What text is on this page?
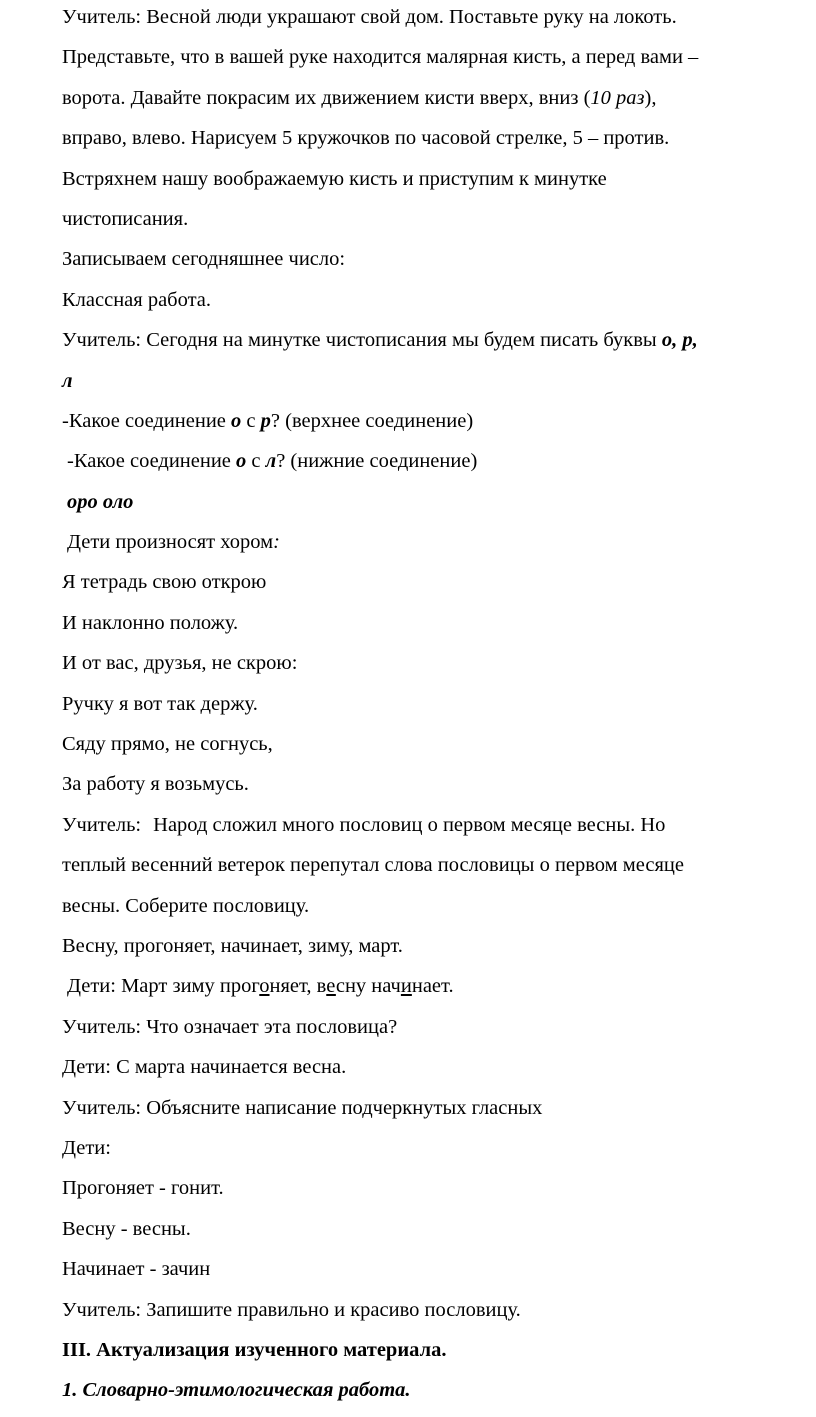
Учитель: Весной люди украшают свой дом. Поставьте руку на локоть.
Представьте, что в вашей руке находится малярная кисть, а перед вами –
ворота. Давайте покрасим их движением кисти вверх, вниз (10 раз),
вправо, влево. Нарисуем 5 кружочков по часовой стрелке, 5 – против.
Встряхнем нашу воображаемую кисть и приступим к минутке
чистописания.
Записываем сегодняшнее число:
Классная работа.
Учитель: Сегодня на минутке чистописания мы будем писать буквы о, р,
л
-Какое соединение о с р? (верхнее соединение)
-Какое соединение о с л? (нижние соединение)
оро оло
Дети произносят хором:
Я тетрадь свою открою
И наклонно положу.
И от вас, друзья, не скрою:
Ручку я вот так держу.
Сяду прямо, не согнусь,
За работу я возьмусь.
Учитель: Народ сложил много пословиц о первом месяце весны. Но
теплый весенний ветерок перепутал слова пословицы о первом месяце
весны. Соберите пословицу.
Весну, прогоняет, начинает, зиму, март.
Дети: Март зиму прогоняет, весну начинает.
Учитель: Что означает эта пословица?
Дети: С марта начинается весна.
Учитель: Объясните написание подчеркнутых гласных
Дети:
Прогоняет - гонит.
Весну - весны.
Начинает - зачин
Учитель: Запишите правильно и красиво пословицу.
III. Актуализация изученного материала.
1. Словарно-этимологическая работа.
